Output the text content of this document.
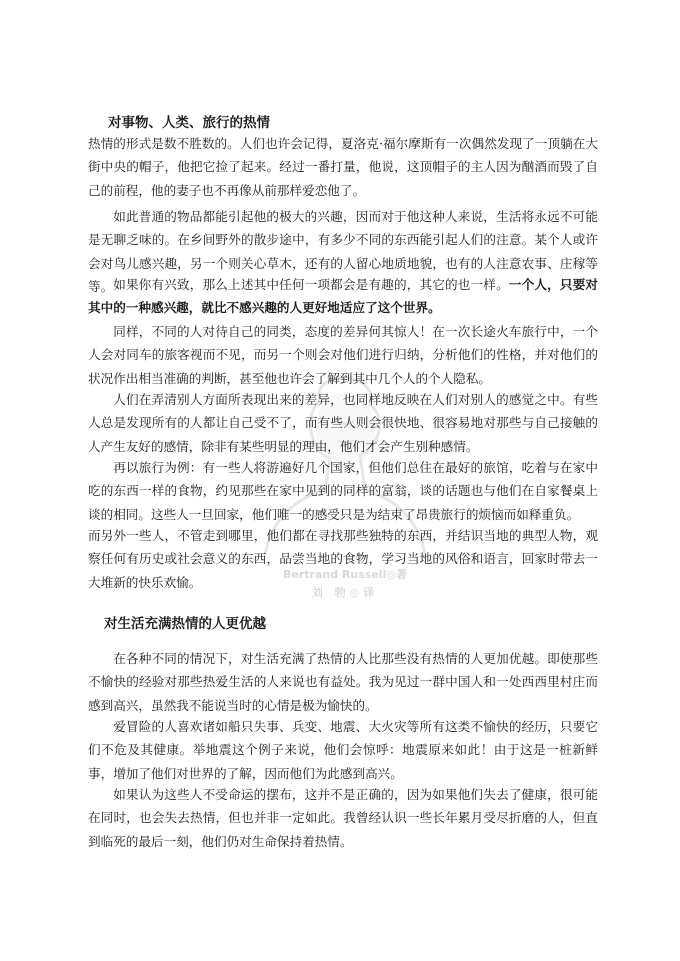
Bertrand Russell◎著
刘 勃◎译
对事物、人类、旅行的热情

热情的形式是数不胜数的。人们也许会记得，夏洛克·福尔摩斯有一次偶然发现了一顶躺在大街中央的帽子，他把它捡了起来。经过一番打量，他说，这顶帽子的主人因为酗酒而毁了自己的前程，他的妻子也不再像从前那样爱恋他了。

如此普通的物品都能引起他的极大的兴趣，因而对于他这种人来说，生活将永远不可能是无聊乏味的。在乡间野外的散步途中，有多少不同的东西能引起人们的注意。某个人或许会对鸟儿感兴趣，另一个则关心草木，还有的人留心地质地貌，也有的人注意农事、庄稼等等。 如果你有兴致，那么上述其中任何一项都会是有趣的，其它的也一样。一个人，只要对其中的一种感兴趣，就比不感兴趣的人更好地适应了这个世界。

同样，不同的人对待自己的同类，态度的差异何其惊人！在一次长途火车旅行中，一个人会对同车的旅客视而不见，而另一个则会对他们进行归纳，分析他们的性格，并对他们的状况作出相当准确的判断，甚至他也许会了解到其中几个人的个人隐私。

人们在弄清别人方面所表现出来的差异，也同样地反映在人们对别人的感觉之中。有些人总是发现所有的人都让自己受不了，而有些人则会很快地、很容易地对那些与自己接触的人产生友好的感情，除非有某些明显的理由，他们才会产生别种感情。

再以旅行为例：有一些人将游遍好几个国家，但他们总住在最好的旅馆，吃着与在家中吃的东西一样的食物，约见那些在家中见到的同样的富翁，谈的话题也与他们在自家餐桌上谈的相同。这些人一旦回家，他们唯一的感受只是为结束了昂贵旅行的烦恼而如释重负。

而另外一些人，不管走到哪里，他们都在寻找那些独特的东西，并结识当地的典型人物，观察任何有历史或社会意义的东西，品尝当地的食物，学习当地的风俗和语言，回家时带去一大堆新的快乐欢愉。

对生活充满热情的人更优越

在各种不同的情况下，对生活充满了热情的人比那些没有热情的人更加优越。即使那些不愉快的经验对那些热爱生活的人来说也有益处。我为见过一群中国人和一处西西里村庄而感到高兴，虽然我不能说当时的心情是极为愉快的。

爱冒险的人喜欢诸如船只失事、兵变、地震、大火灾等所有这类不愉快的经历，只要它们不危及其健康。举地震这个例子来说，他们会惊呼：地震原来如此！由于这是一桩新鲜事，增加了他们对世界的了解，因而他们为此感到高兴。

如果认为这些人不受命运的摆布，这并不是正确的，因为如果他们失去了健康，很可能在同时，也会失去热情，但也并非一定如此。我曾经认识一些长年累月受尽折磨的人，但直到临死的最后一刻，他们仍对生命保持着热情。
